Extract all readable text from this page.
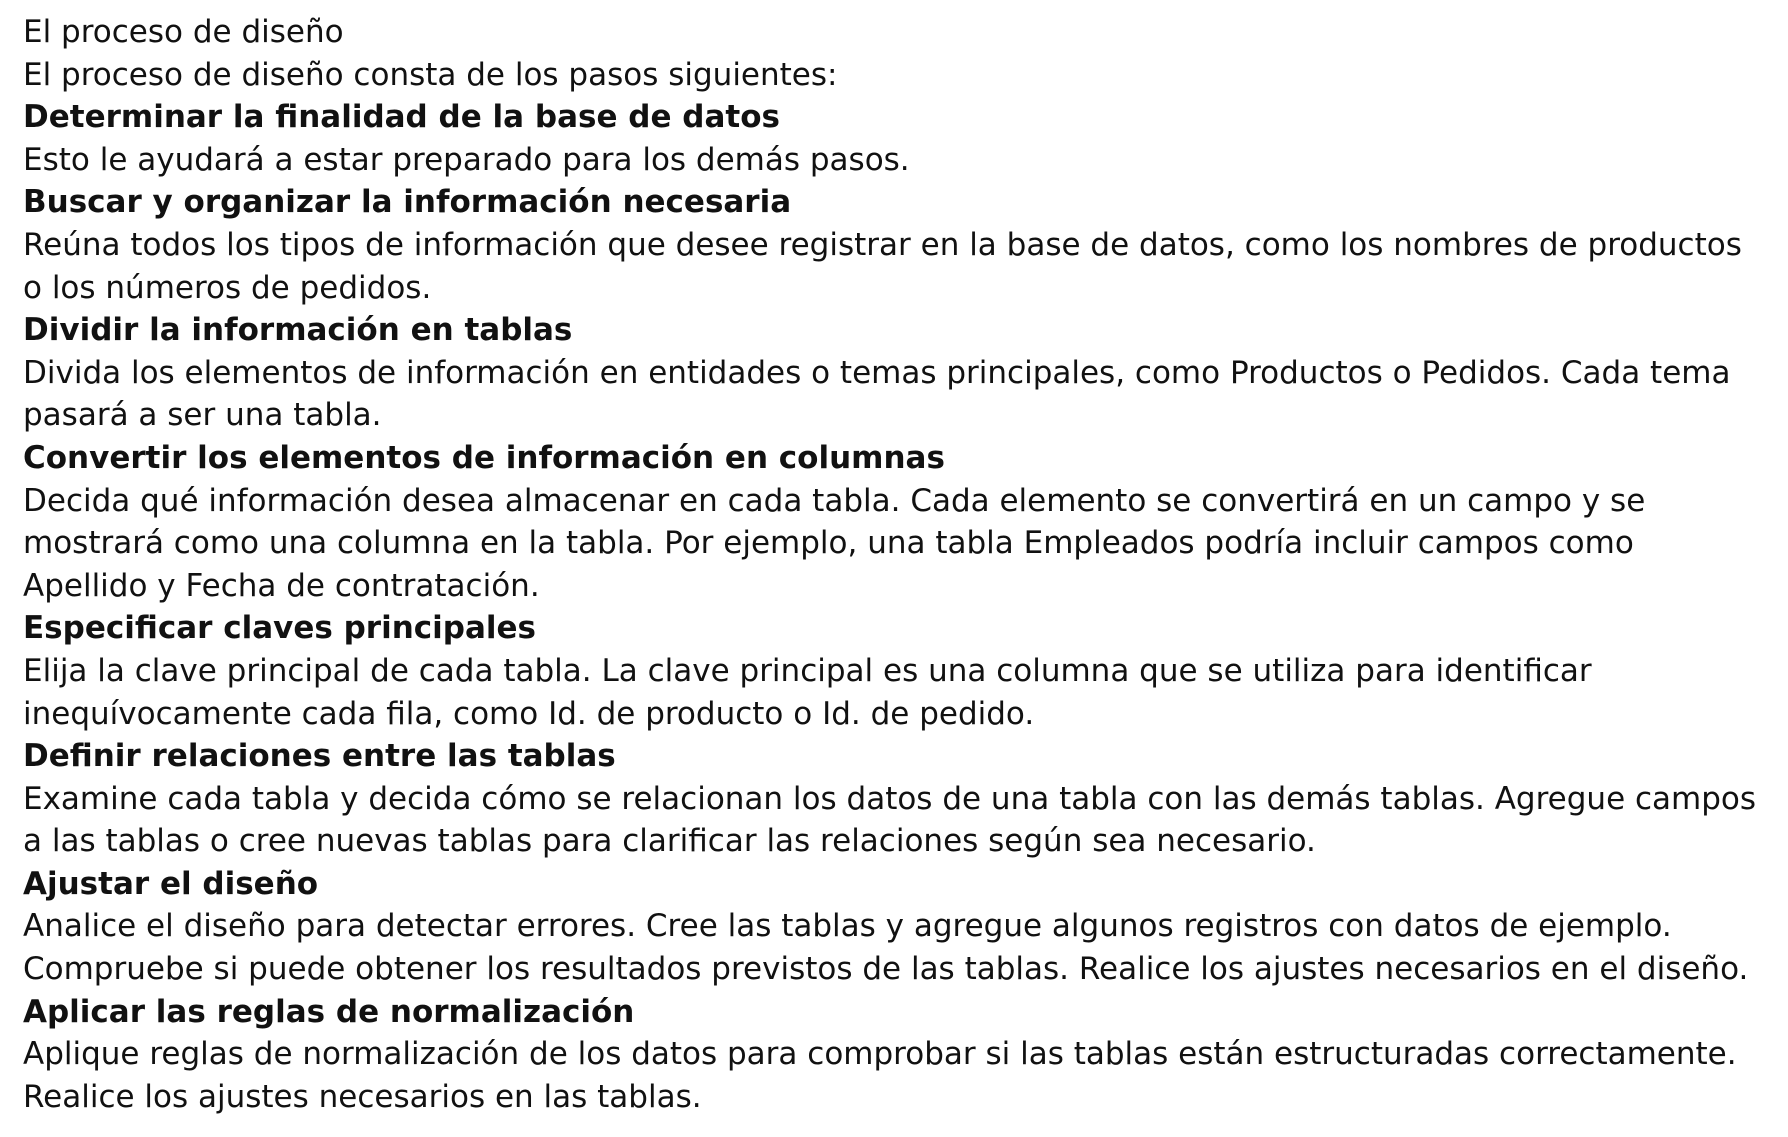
El proceso de diseño

El proceso de diseño consta de los pasos siguientes:

Determinar la finalidad de la base de datos

Esto le ayudará a estar preparado para los demás pasos.

Buscar y organizar la información necesaria

Reúna todos los tipos de información que desee registrar en la base de datos, como los nombres de productos o los números de pedidos.

Dividir la información en tablas

Divida los elementos de información en entidades o temas principales, como Productos o Pedidos. Cada tema pasará a ser una tabla.

Convertir los elementos de información en columnas

Decida qué información desea almacenar en cada tabla. Cada elemento se convertirá en un campo y se mostrará como una columna en la tabla. Por ejemplo, una tabla Empleados podría incluir campos como Apellido y Fecha de contratación.

Especificar claves principales

Elija la clave principal de cada tabla. La clave principal es una columna que se utiliza para identificar inequívocamente cada fila, como Id. de producto o Id. de pedido.

Definir relaciones entre las tablas

Examine cada tabla y decida cómo se relacionan los datos de una tabla con las demás tablas. Agregue campos a las tablas o cree nuevas tablas para clarificar las relaciones según sea necesario.

Ajustar el diseño

Analice el diseño para detectar errores. Cree las tablas y agregue algunos registros con datos de ejemplo. Compruebe si puede obtener los resultados previstos de las tablas. Realice los ajustes necesarios en el diseño.

Aplicar las reglas de normalización

Aplique reglas de normalización de los datos para comprobar si las tablas están estructuradas correctamente. Realice los ajustes necesarios en las tablas.
